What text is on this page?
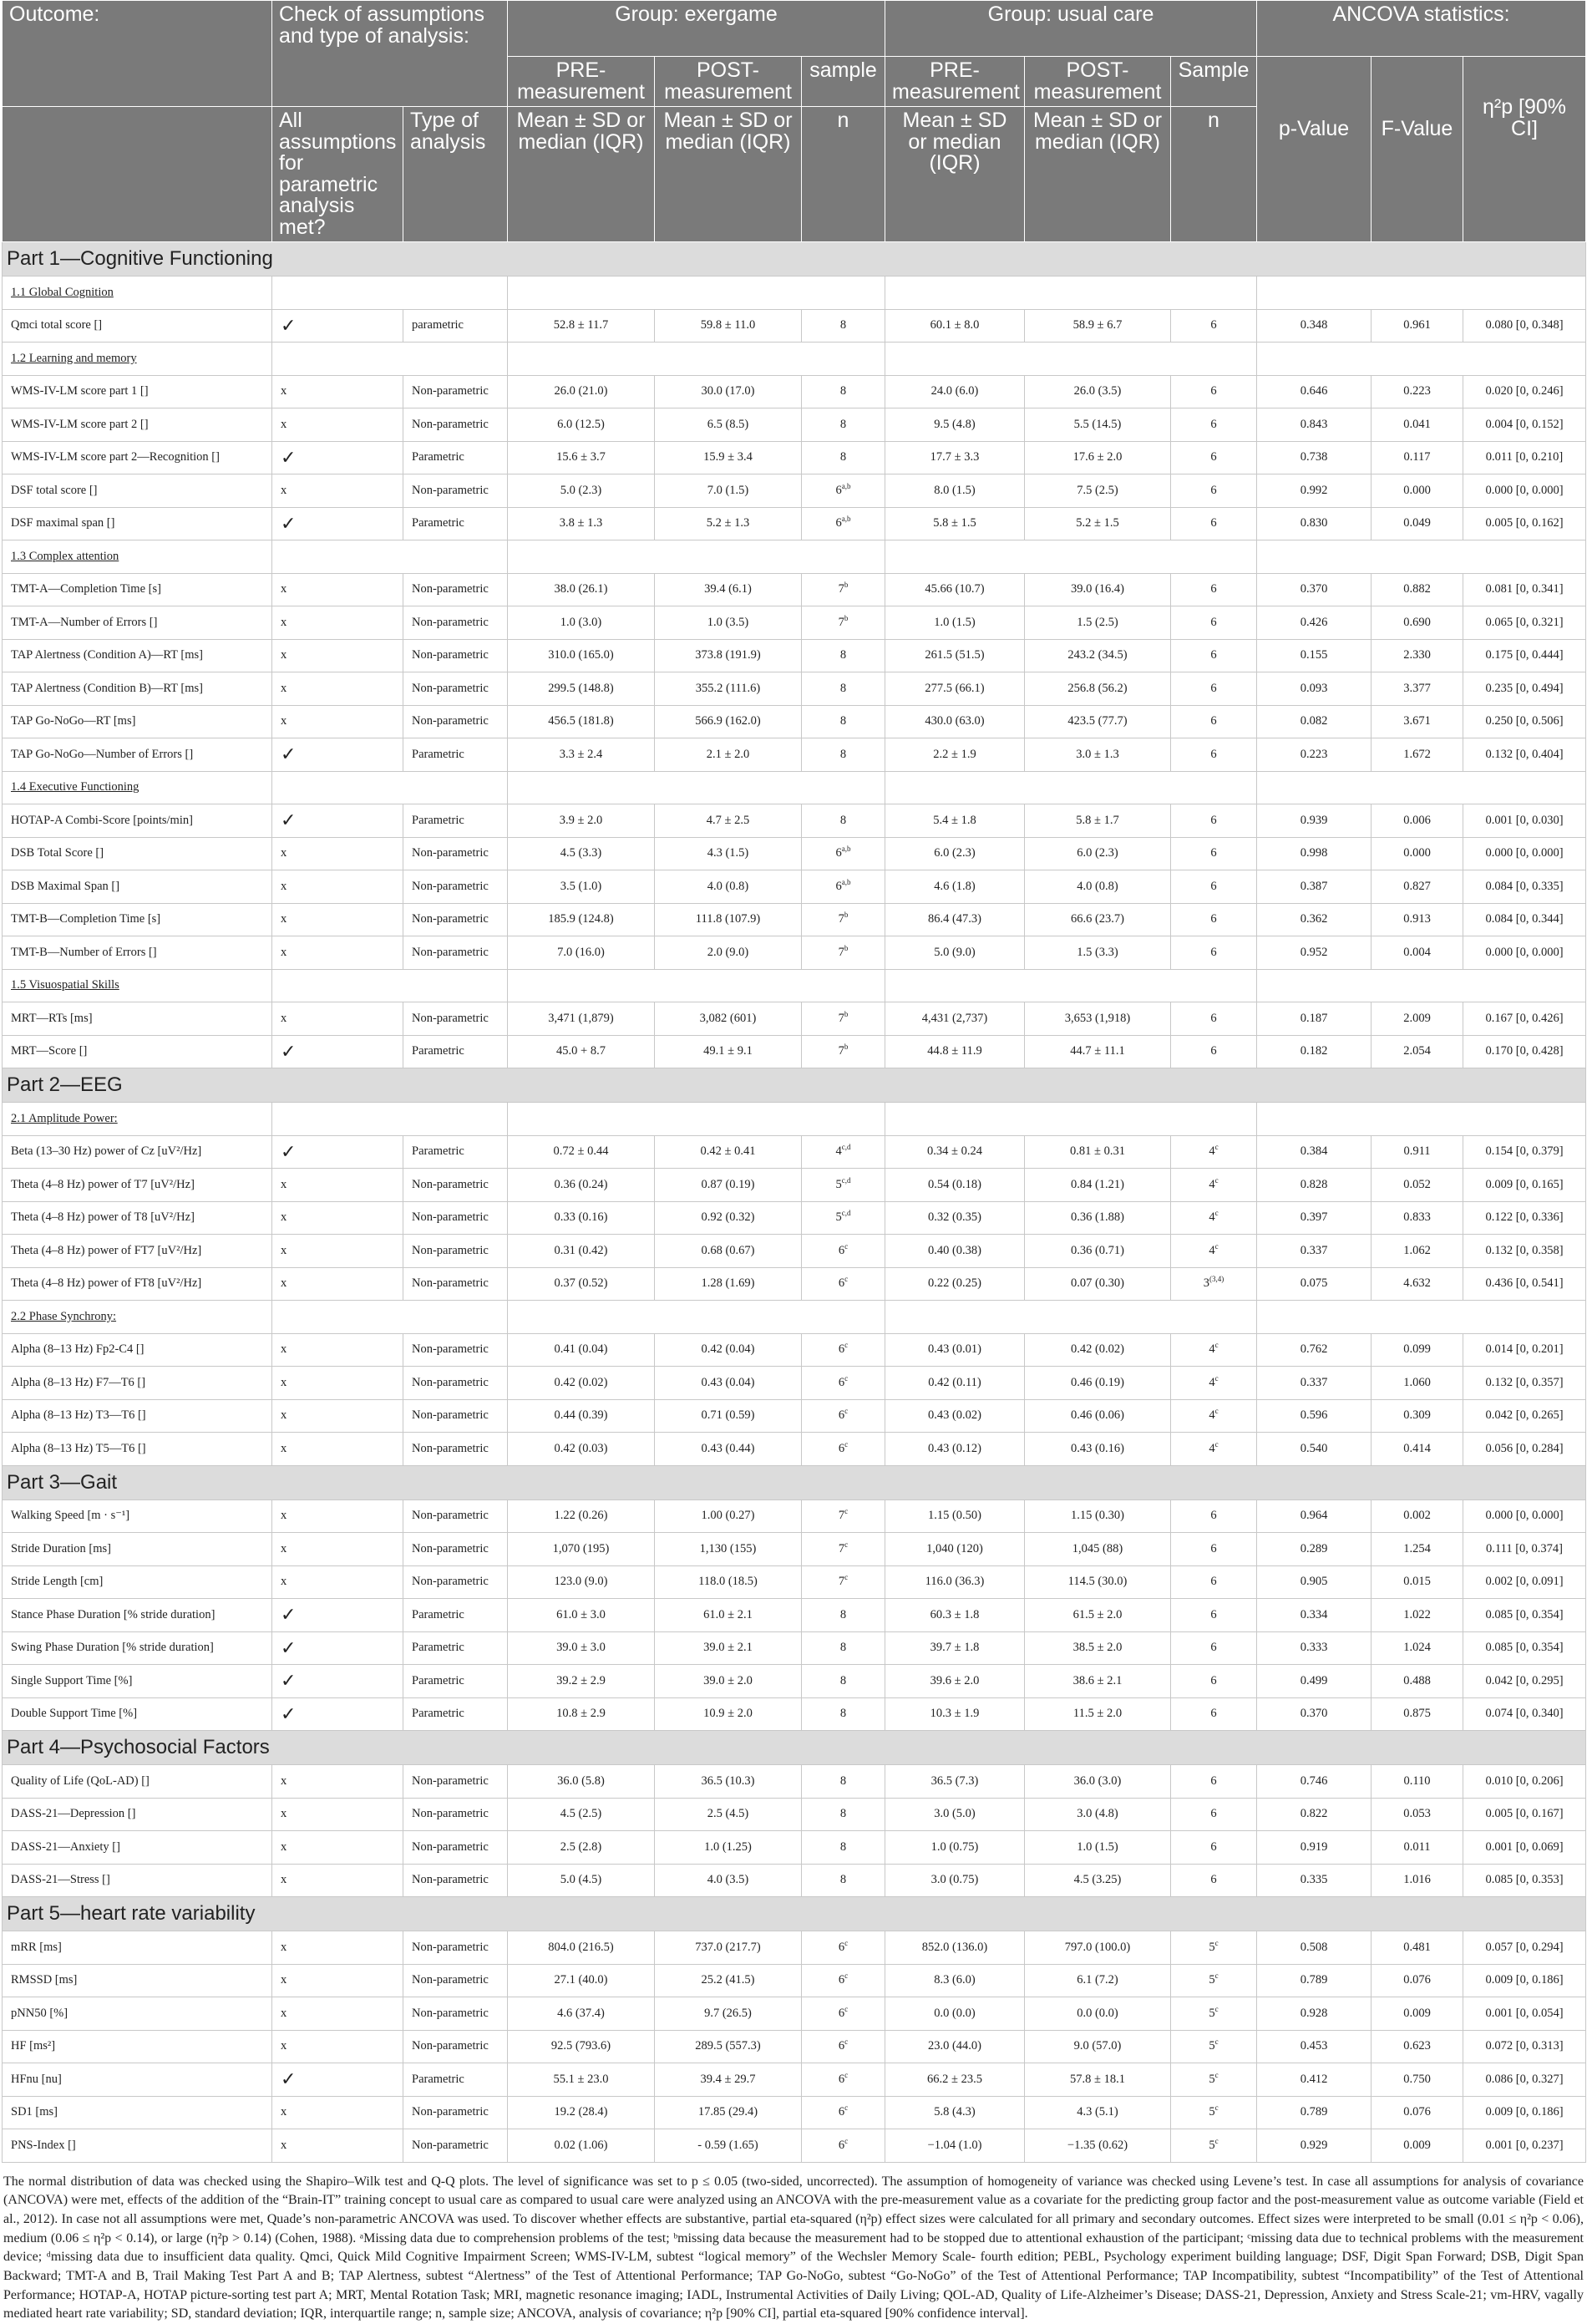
Outcome:	Check of assumptions and type of analysis:		Group: exergame			Group: usual care			ANCOVA statistics:		
			PRE-measurement	POST-measurement	sample	PRE-measurement	POST-measurement	Sample	p-Value	F-Value	η²p [90% CI]
	All assumptions for parametric analysis met?	Type of analysis	Mean ± SD or median (IQR)	Mean ± SD or median (IQR)	n	Mean ± SD or median (IQR)	Mean ± SD or median (IQR)	n			
Part 1—Cognitive Functioning											
1.1 Global Cognition											
Qmci total score []	✓	parametric	52.8 ± 11.7	59.8 ± 11.0	8	60.1 ± 8.0	58.9 ± 6.7	6	0.348	0.961	0.080 [0, 0.348]
1.2 Learning and memory											
WMS-IV-LM score part 1 []	x	Non-parametric	26.0 (21.0)	30.0 (17.0)	8	24.0 (6.0)	26.0 (3.5)	6	0.646	0.223	0.020 [0, 0.246]
WMS-IV-LM score part 2 []	x	Non-parametric	6.0 (12.5)	6.5 (8.5)	8	9.5 (4.8)	5.5 (14.5)	6	0.843	0.041	0.004 [0, 0.152]
WMS-IV-LM score part 2—Recognition []	✓	Parametric	15.6 ± 3.7	15.9 ± 3.4	8	17.7 ± 3.3	17.6 ± 2.0	6	0.738	0.117	0.011 [0, 0.210]
DSF total score []	x	Non-parametric	5.0 (2.3)	7.0 (1.5)	6$^{a,b}$	8.0 (1.5)	7.5 (2.5)	6	0.992	0.000	0.000 [0, 0.000]
DSF maximal span []	✓	Parametric	3.8 ± 1.3	5.2 ± 1.3	6$^{a,b}$	5.8 ± 1.5	5.2 ± 1.5	6	0.830	0.049	0.005 [0, 0.162]
1.3 Complex attention											
TMT-A—Completion Time [s]	x	Non-parametric	38.0 (26.1)	39.4 (6.1)	7$^b$	45.66 (10.7)	39.0 (16.4)	6	0.370	0.882	0.081 [0, 0.341]
TMT-A—Number of Errors []	x	Non-parametric	1.0 (3.0)	1.0 (3.5)	7$^b$	1.0 (1.5)	1.5 (2.5)	6	0.426	0.690	0.065 [0, 0.321]
TAP Alertness (Condition A)—RT [ms]	x	Non-parametric	310.0 (165.0)	373.8 (191.9)	8	261.5 (51.5)	243.2 (34.5)	6	0.155	2.330	0.175 [0, 0.444]
TAP Alertness (Condition B)—RT [ms]	x	Non-parametric	299.5 (148.8)	355.2 (111.6)	8	277.5 (66.1)	256.8 (56.2)	6	0.093	3.377	0.235 [0, 0.494]
TAP Go-NoGo—RT [ms]	x	Non-parametric	456.5 (181.8)	566.9 (162.0)	8	430.0 (63.0)	423.5 (77.7)	6	0.082	3.671	0.250 [0, 0.506]
TAP Go-NoGo—Number of Errors []	✓	Parametric	3.3 ± 2.4	2.1 ± 2.0	8	2.2 ± 1.9	3.0 ± 1.3	6	0.223	1.672	0.132 [0, 0.404]
1.4 Executive Functioning											
HOTAP-A Combi-Score [points/min]	✓	Parametric	3.9 ± 2.0	4.7 ± 2.5	8	5.4 ± 1.8	5.8 ± 1.7	6	0.939	0.006	0.001 [0, 0.030]
DSB Total Score []	x	Non-parametric	4.5 (3.3)	4.3 (1.5)	6$^{a,b}$	6.0 (2.3)	6.0 (2.3)	6	0.998	0.000	0.000 [0, 0.000]
DSB Maximal Span []	x	Non-parametric	3.5 (1.0)	4.0 (0.8)	6$^{a,b}$	4.6 (1.8)	4.0 (0.8)	6	0.387	0.827	0.084 [0, 0.335]
TMT-B—Completion Time [s]	x	Non-parametric	185.9 (124.8)	111.8 (107.9)	7$^b$	86.4 (47.3)	66.6 (23.7)	6	0.362	0.913	0.084 [0, 0.344]
TMT-B—Number of Errors []	x	Non-parametric	7.0 (16.0)	2.0 (9.0)	7$^b$	5.0 (9.0)	1.5 (3.3)	6	0.952	0.004	0.000 [0, 0.000]
1.5 Visuospatial Skills											
MRT—RTs [ms]	x	Non-parametric	3,471 (1,879)	3,082 (601)	7$^b$	4,431 (2,737)	3,653 (1,918)	6	0.187	2.009	0.167 [0, 0.426]
MRT—Score []	✓	Parametric	45.0 + 8.7	49.1 ± 9.1	7$^b$	44.8 ± 11.9	44.7 ± 11.1	6	0.182	2.054	0.170 [0, 0.428]
Part 2—EEG											
2.1 Amplitude Power:											
Beta (13–30 Hz) power of Cz [uV²/Hz]	✓	Parametric	0.72 ± 0.44	0.42 ± 0.41	4$^{c,d}$	0.34 ± 0.24	0.81 ± 0.31	4$^c$	0.384	0.911	0.154 [0, 0.379]
Theta (4–8 Hz) power of T7 [uV²/Hz]	x	Non-parametric	0.36 (0.24)	0.87 (0.19)	5$^{c,d}$	0.54 (0.18)	0.84 (1.21)	4$^c$	0.828	0.052	0.009 [0, 0.165]
Theta (4–8 Hz) power of T8 [uV²/Hz]	x	Non-parametric	0.33 (0.16)	0.92 (0.32)	5$^{c,d}$	0.32 (0.35)	0.36 (1.88)	4$^c$	0.397	0.833	0.122 [0, 0.336]
Theta (4–8 Hz) power of FT7 [uV²/Hz]	x	Non-parametric	0.31 (0.42)	0.68 (0.67)	6$^c$	0.40 (0.38)	0.36 (0.71)	4$^c$	0.337	1.062	0.132 [0, 0.358]
Theta (4–8 Hz) power of FT8 [uV²/Hz]	x	Non-parametric	0.37 (0.52)	1.28 (1.69)	6$^c$	0.22 (0.25)	0.07 (0.30)	3$^{(3,4)}$	0.075	4.632	0.436 [0, 0.541]
2.2 Phase Synchrony:											
Alpha (8–13 Hz) Fp2-C4 []	x	Non-parametric	0.41 (0.04)	0.42 (0.04)	6$^c$	0.43 (0.01)	0.42 (0.02)	4$^c$	0.762	0.099	0.014 [0, 0.201]
Alpha (8–13 Hz) F7—T6 []	x	Non-parametric	0.42 (0.02)	0.43 (0.04)	6$^c$	0.42 (0.11)	0.46 (0.19)	4$^c$	0.337	1.060	0.132 [0, 0.357]
Alpha (8–13 Hz) T3—T6 []	x	Non-parametric	0.44 (0.39)	0.71 (0.59)	6$^c$	0.43 (0.02)	0.46 (0.06)	4$^c$	0.596	0.309	0.042 [0, 0.265]
Alpha (8–13 Hz) T5—T6 []	x	Non-parametric	0.42 (0.03)	0.43 (0.44)	6$^c$	0.43 (0.12)	0.43 (0.16)	4$^c$	0.540	0.414	0.056 [0, 0.284]
Part 3—Gait											
Walking Speed [m · s⁻¹]	x	Non-parametric	1.22 (0.26)	1.00 (0.27)	7$^c$	1.15 (0.50)	1.15 (0.30)	6	0.964	0.002	0.000 [0, 0.000]
Stride Duration [ms]	x	Non-parametric	1,070 (195)	1,130 (155)	7$^c$	1,040 (120)	1,045 (88)	6	0.289	1.254	0.111 [0, 0.374]
Stride Length [cm]	x	Non-parametric	123.0 (9.0)	118.0 (18.5)	7$^c$	116.0 (36.3)	114.5 (30.0)	6	0.905	0.015	0.002 [0, 0.091]
Stance Phase Duration [% stride duration]	✓	Parametric	61.0 ± 3.0	61.0 ± 2.1	8	60.3 ± 1.8	61.5 ± 2.0	6	0.334	1.022	0.085 [0, 0.354]
Swing Phase Duration [% stride duration]	✓	Parametric	39.0 ± 3.0	39.0 ± 2.1	8	39.7 ± 1.8	38.5 ± 2.0	6	0.333	1.024	0.085 [0, 0.354]
Single Support Time [%]	✓	Parametric	39.2 ± 2.9	39.0 ± 2.0	8	39.6 ± 2.0	38.6 ± 2.1	6	0.499	0.488	0.042 [0, 0.295]
Double Support Time [%]	✓	Parametric	10.8 ± 2.9	10.9 ± 2.0	8	10.3 ± 1.9	11.5 ± 2.0	6	0.370	0.875	0.074 [0, 0.340]
Part 4—Psychosocial Factors											
Quality of Life (QoL-AD) []	x	Non-parametric	36.0 (5.8)	36.5 (10.3)	8	36.5 (7.3)	36.0 (3.0)	6	0.746	0.110	0.010 [0, 0.206]
DASS-21—Depression []	x	Non-parametric	4.5 (2.5)	2.5 (4.5)	8	3.0 (5.0)	3.0 (4.8)	6	0.822	0.053	0.005 [0, 0.167]
DASS-21—Anxiety []	x	Non-parametric	2.5 (2.8)	1.0 (1.25)	8	1.0 (0.75)	1.0 (1.5)	6	0.919	0.011	0.001 [0, 0.069]
DASS-21—Stress []	x	Non-parametric	5.0 (4.5)	4.0 (3.5)	8	3.0 (0.75)	4.5 (3.25)	6	0.335	1.016	0.085 [0, 0.353]
Part 5—heart rate variability											
mRR [ms]	x	Non-parametric	804.0 (216.5)	737.0 (217.7)	6$^c$	852.0 (136.0)	797.0 (100.0)	5$^c$	0.508	0.481	0.057 [0, 0.294]
RMSSD [ms]	x	Non-parametric	27.1 (40.0)	25.2 (41.5)	6$^c$	8.3 (6.0)	6.1 (7.2)	5$^c$	0.789	0.076	0.009 [0, 0.186]
pNN50 [%]	x	Non-parametric	4.6 (37.4)	9.7 (26.5)	6$^c$	0.0 (0.0)	0.0 (0.0)	5$^c$	0.928	0.009	0.001 [0, 0.054]
HF [ms²]	x	Non-parametric	92.5 (793.6)	289.5 (557.3)	6$^c$	23.0 (44.0)	9.0 (57.0)	5$^c$	0.453	0.623	0.072 [0, 0.313]
HFnu [nu]	✓	Parametric	55.1 ± 23.0	39.4 ± 29.7	6$^c$	66.2 ± 23.5	57.8 ± 18.1	5$^c$	0.412	0.750	0.086 [0, 0.327]
SD1 [ms]	x	Non-parametric	19.2 (28.4)	17.85 (29.4)	6$^c$	5.8 (4.3)	4.3 (5.1)	5$^c$	0.789	0.076	0.009 [0, 0.186]
PNS-Index []	x	Non-parametric	0.02 (1.06)	- 0.59 (1.65)	$6^c$	−1.04 (1.0)	−1.35 (0.62)	5$^c$	0.929	0.009	0.001 [0, 0.237]
The normal distribution of data was checked using the Shapiro–Wilk test and Q-Q plots. The level of significance was set to p ≤ 0.05 (two-sided, uncorrected). The assumption of homogeneity of variance was checked using Levene’s test. In case all assumptions for analysis of covariance (ANCOVA) were met, effects of the addition of the “Brain-IT” training concept to usual care as compared to usual care were analyzed using an ANCOVA with the pre-measurement value as a covariate for the predicting group factor and the post-measurement value as outcome variable (Field et al., 2012). In case not all assumptions were met, Quade’s non-parametric ANCOVA was used. To discover whether effects are substantive, partial eta-squared (η²p) effect sizes were calculated for all primary and secondary outcomes. Effect sizes were interpreted to be small (0.01 ≤ η²p < 0.06), medium (0.06 ≤ η²p < 0.14), or large (η²p > 0.14) (Cohen, 1988). ᵃMissing data due to comprehension problems of the test; ᵇmissing data because the measurement had to be stopped due to attentional exhaustion of the participant; ᶜmissing data due to technical problems with the measurement device; ᵈmissing data due to insufficient data quality. Qmci, Quick Mild Cognitive Impairment Screen; WMS-IV-LM, subtest “logical memory” of the Wechsler Memory Scale- fourth edition; PEBL, Psychology experiment building language; DSF, Digit Span Forward; DSB, Digit Span Backward; TMT-A and B, Trail Making Test Part A and B; TAP Alertness, subtest “Alertness” of the Test of Attentional Performance; TAP Go-NoGo, subtest “Go-NoGo” of the Test of Attentional Performance; TAP Incompatibility, subtest “Incompatibility” of the Test of Attentional Performance; HOTAP-A, HOTAP picture-sorting test part A; MRT, Mental Rotation Task; MRI, magnetic resonance imaging; IADL, Instrumental Activities of Daily Living; QOL-AD, Quality of Life-Alzheimer’s Disease; DASS-21, Depression, Anxiety and Stress Scale-21; vm-HRV, vagally mediated heart rate variability; SD, standard deviation; IQR, interquartile range; n, sample size; ANCOVA, analysis of covariance; η²p [90% CI], partial eta-squared [90% confidence interval].
